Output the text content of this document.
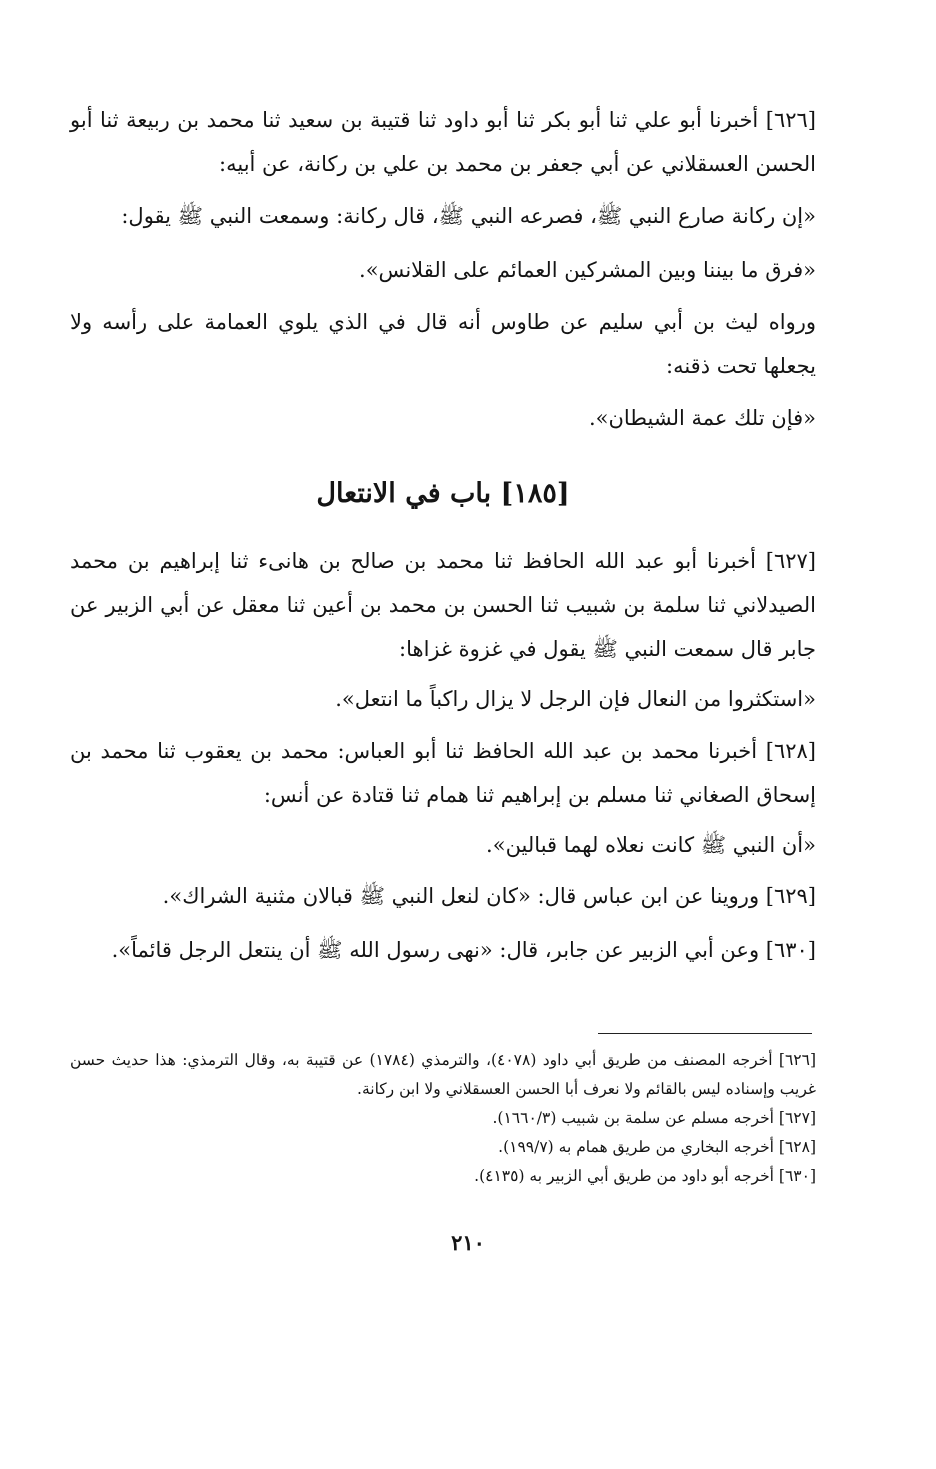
[٦٢٦] أخبرنا أبو علي ثنا أبو بكر ثنا أبو داود ثنا قتيبة بن سعيد ثنا محمد بن ربيعة ثنا أبو الحسن العسقلاني عن أبي جعفر بن محمد بن علي بن ركانة، عن أبيه:

«إن ركانة صارع النبي ﷺ، فصرعه النبي ﷺ، قال ركانة: وسمعت النبي ﷺ يقول:

«فرق ما بيننا وبين المشركين العمائم على القلانس».

ورواه ليث بن أبي سليم عن طاوس أنه قال في الذي يلوي العمامة على رأسه ولا يجعلها تحت ذقنه:

«فإن تلك عمة الشيطان».

[١٨٥] باب في الانتعال

[٦٢٧] أخبرنا أبو عبد الله الحافظ ثنا محمد بن صالح بن هانىء ثنا إبراهيم بن محمد الصيدلاني ثنا سلمة بن شبيب ثنا الحسن بن محمد بن أعين ثنا معقل عن أبي الزبير عن جابر قال سمعت النبي ﷺ يقول في غزوة غزاها:

«استكثروا من النعال فإن الرجل لا يزال راكباً ما انتعل».

[٦٢٨] أخبرنا محمد بن عبد الله الحافظ ثنا أبو العباس: محمد بن يعقوب ثنا محمد بن إسحاق الصغاني ثنا مسلم بن إبراهيم ثنا همام ثنا قتادة عن أنس:

«أن النبي ﷺ كانت نعلاه لهما قبالين».

[٦٢٩] وروينا عن ابن عباس قال: «كان لنعل النبي ﷺ قبالان مثنية الشراك».

[٦٣٠] وعن أبي الزبير عن جابر، قال: «نهى رسول الله ﷺ أن ينتعل الرجل قائماً».

[٦٢٦] أخرجه المصنف من طريق أبي داود (٤٠٧٨)، والترمذي (١٧٨٤) عن قتيبة به، وقال الترمذي: هذا حديث حسن غريب وإسناده ليس بالقائم ولا نعرف أبا الحسن العسقلاني ولا ابن ركانة.

[٦٢٧] أخرجه مسلم عن سلمة بن شبيب (١٦٦٠/٣).

[٦٢٨] أخرجه البخاري من طريق همام به (١٩٩/٧).

[٦٣٠] أخرجه أبو داود من طريق أبي الزبير به (٤١٣٥).

٢١٠
